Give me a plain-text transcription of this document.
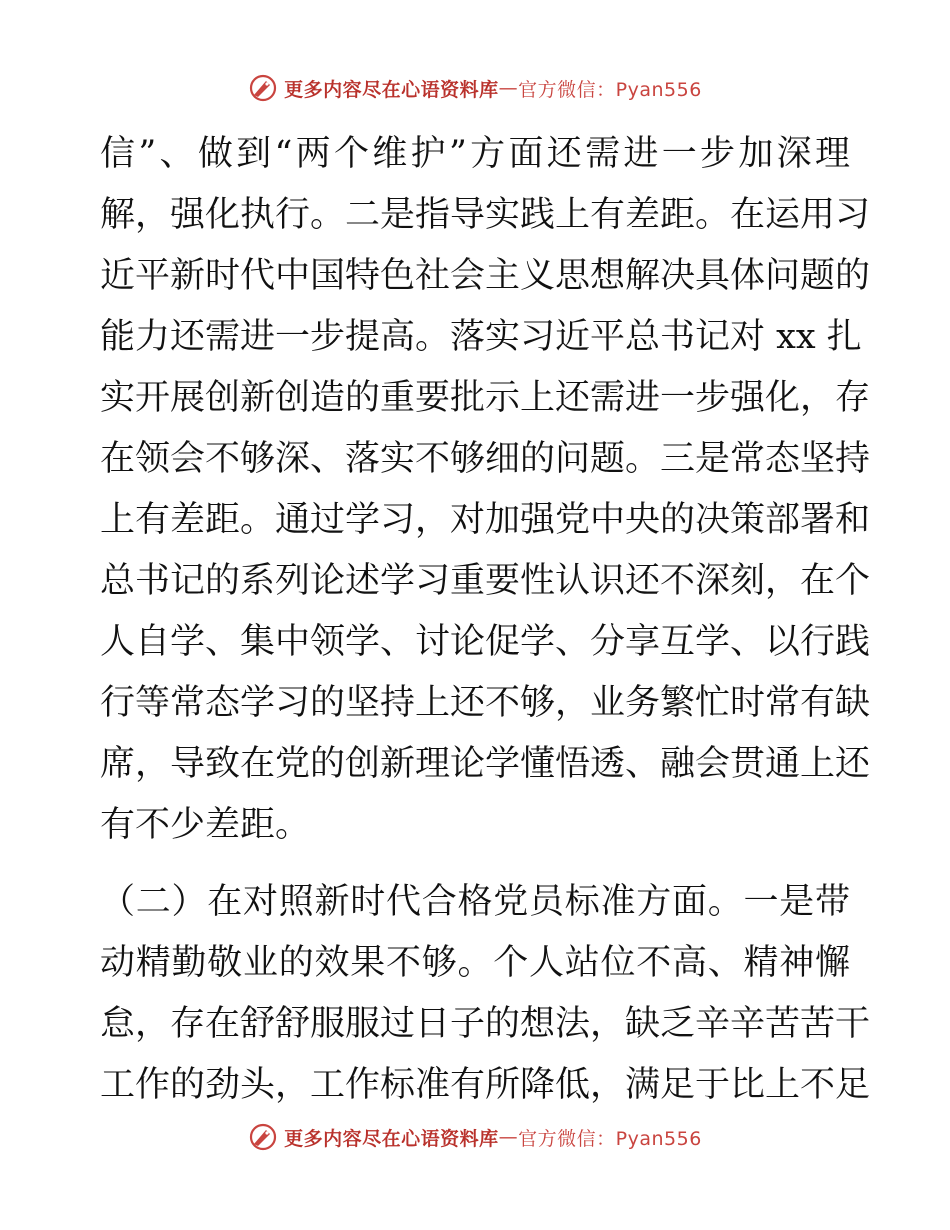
更多内容尽在心语资料库 — 官方微信：Pyan556
信”、做到“两个维护”方面还需进一步加深理
解，强化执行。二是指导实践上有差距。在运用习
近平新时代中国特色社会主义思想解决具体问题的
能力还需进一步提高。落实习近平总书记对 xx 扎
实开展创新创造的重要批示上还需进一步强化，存
在领会不够深、落实不够细的问题。三是常态坚持
上有差距。通过学习，对加强党中央的决策部署和
总书记的系列论述学习重要性认识还不深刻，在个
人自学、集中领学、讨论促学、分享互学、以行践
行等常态学习的坚持上还不够，业务繁忙时常有缺
席，导致在党的创新理论学懂悟透、融会贯通上还
有不少差距。
（二）在对照新时代合格党员标准方面。一是带
动精勤敬业的效果不够。个人站位不高、精神懈
怠，存在舒舒服服过日子的想法，缺乏辛辛苦苦干
工作的劲头，工作标准有所降低，满足于比上不足
更多内容尽在心语资料库 — 官方微信：Pyan556
